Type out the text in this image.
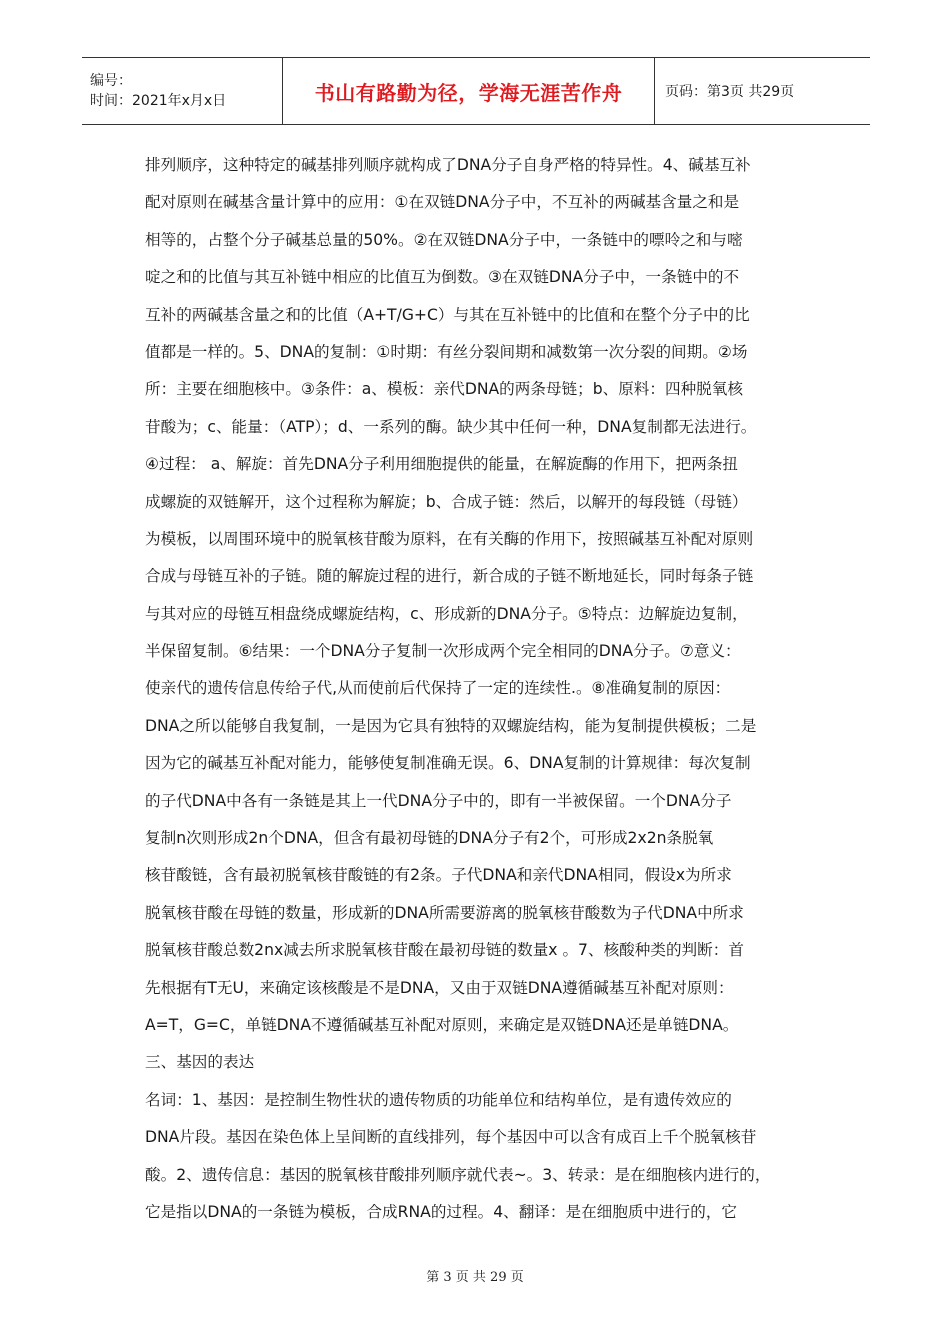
编号：
时间：2021年x月x日	书山有路勤为径，学海无涯苦作舟	页码：第3页 共29页
排列顺序，这种特定的碱基排列顺序就构成了DNA分子自身严格的特异性。4、碱基互补
配对原则在碱基含量计算中的应用：①在双链DNA分子中，不互补的两碱基含量之和是
相等的，占整个分子碱基总量的50%。②在双链DNA分子中，一条链中的嘌呤之和与嘧
啶之和的比值与其互补链中相应的比值互为倒数。③在双链DNA分子中，一条链中的不
互补的两碱基含量之和的比值（A+T/G+C）与其在互补链中的比值和在整个分子中的比
值都是一样的。5、DNA的复制：①时期：有丝分裂间期和减数第一次分裂的间期。②场
所：主要在细胞核中。③条件：a、模板：亲代DNA的两条母链；b、原料：四种脱氧核
苷酸为；c、能量：（ATP）；d、一系列的酶。缺少其中任何一种，DNA复制都无法进行。
④过程： a、解旋：首先DNA分子利用细胞提供的能量，在解旋酶的作用下，把两条扭
成螺旋的双链解开，这个过程称为解旋；b、合成子链：然后，以解开的每段链（母链）
为模板，以周围环境中的脱氧核苷酸为原料，在有关酶的作用下，按照碱基互补配对原则
合成与母链互补的子链。随的解旋过程的进行，新合成的子链不断地延长，同时每条子链
与其对应的母链互相盘绕成螺旋结构，c、形成新的DNA分子。⑤特点：边解旋边复制，
半保留复制。⑥结果：一个DNA分子复制一次形成两个完全相同的DNA分子。⑦意义：
使亲代的遗传信息传给子代,从而使前后代保持了一定的连续性.。⑧准确复制的原因：
DNA之所以能够自我复制，一是因为它具有独特的双螺旋结构，能为复制提供模板；二是
因为它的碱基互补配对能力，能够使复制准确无误。6、DNA复制的计算规律：每次复制
的子代DNA中各有一条链是其上一代DNA分子中的，即有一半被保留。一个DNA分子
复制n次则形成2n个DNA，但含有最初母链的DNA分子有2个，可形成2x2n条脱氧
核苷酸链，含有最初脱氧核苷酸链的有2条。子代DNA和亲代DNA相同，假设x为所求
脱氧核苷酸在母链的数量，形成新的DNA所需要游离的脱氧核苷酸数为子代DNA中所求
脱氧核苷酸总数2nx减去所求脱氧核苷酸在最初母链的数量x 。7、核酸种类的判断：首
先根据有T无U，来确定该核酸是不是DNA，又由于双链DNA遵循碱基互补配对原则：
A=T，G=C，单链DNA不遵循碱基互补配对原则，来确定是双链DNA还是单链DNA。
三、基因的表达
名词：1、基因：是控制生物性状的遗传物质的功能单位和结构单位，是有遗传效应的
DNA片段。基因在染色体上呈间断的直线排列，每个基因中可以含有成百上千个脱氧核苷
酸。2、遗传信息：基因的脱氧核苷酸排列顺序就代表~。3、转录：是在细胞核内进行的，
它是指以DNA的一条链为模板，合成RNA的过程。4、翻译：是在细胞质中进行的，它
第 3 页 共 29 页
